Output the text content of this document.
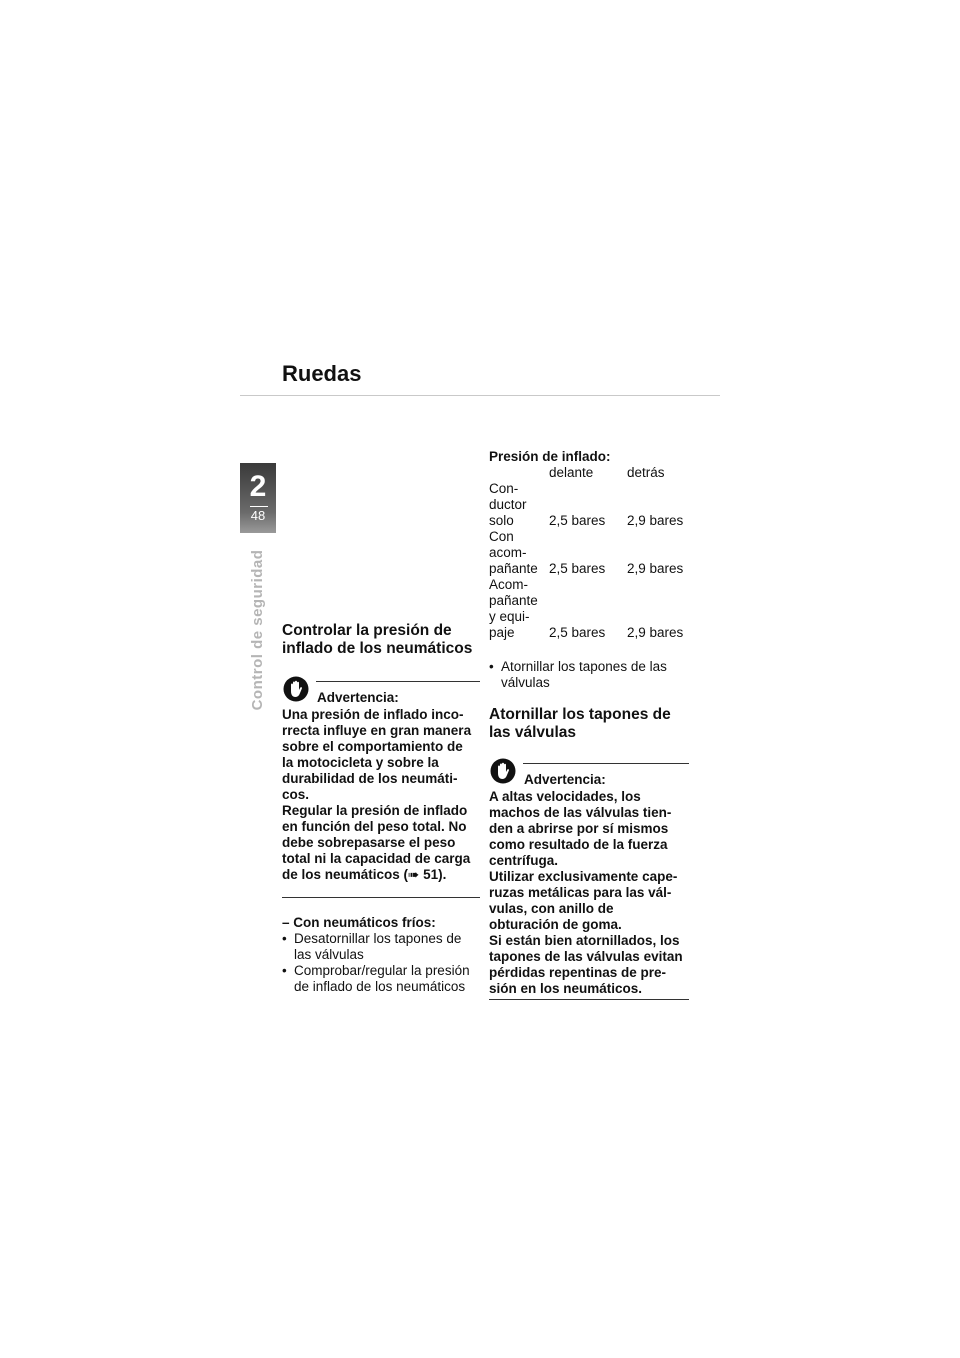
Ruedas
2
48
Control de seguridad Controlar la presión de
inflado de los neumáticos
Advertencia:
Una presión de inflado inco-
rrecta influye en gran manera
sobre el comportamiento de
la motocicleta y sobre la
durabilidad de los neumáti-
cos.
Regular la presión de inflado
en función del peso total. No
debe sobrepasarse el peso
total ni la capacidad de carga
de los neumáticos (➠ 51).
– Con neumáticos fríos:
• Desatornillar los tapones de
las válvulas
• Comprobar/regular la presión
de inflado de los neumáticos
Presión de inflado:
	delante	detrás

Con-
ductor
solo	2,5 bares	2,9 bares

Con
acom-
pañante	2,5 bares	2,9 bares

Acom-
pañante
y equi-
paje	2,5 bares	2,9 bares
• Atornillar los tapones de las
válvulas
Atornillar los tapones de
las válvulas
Advertencia:
A altas velocidades, los
machos de las válvulas tien-
den a abrirse por sí mismos
como resultado de la fuerza
centrífuga.
Utilizar exclusivamente cape-
ruzas metálicas para las vál-
vulas, con anillo de
obturación de goma.
Si están bien atornillados, los
tapones de las válvulas evitan
pérdidas repentinas de pre-
sión en los neumáticos.
